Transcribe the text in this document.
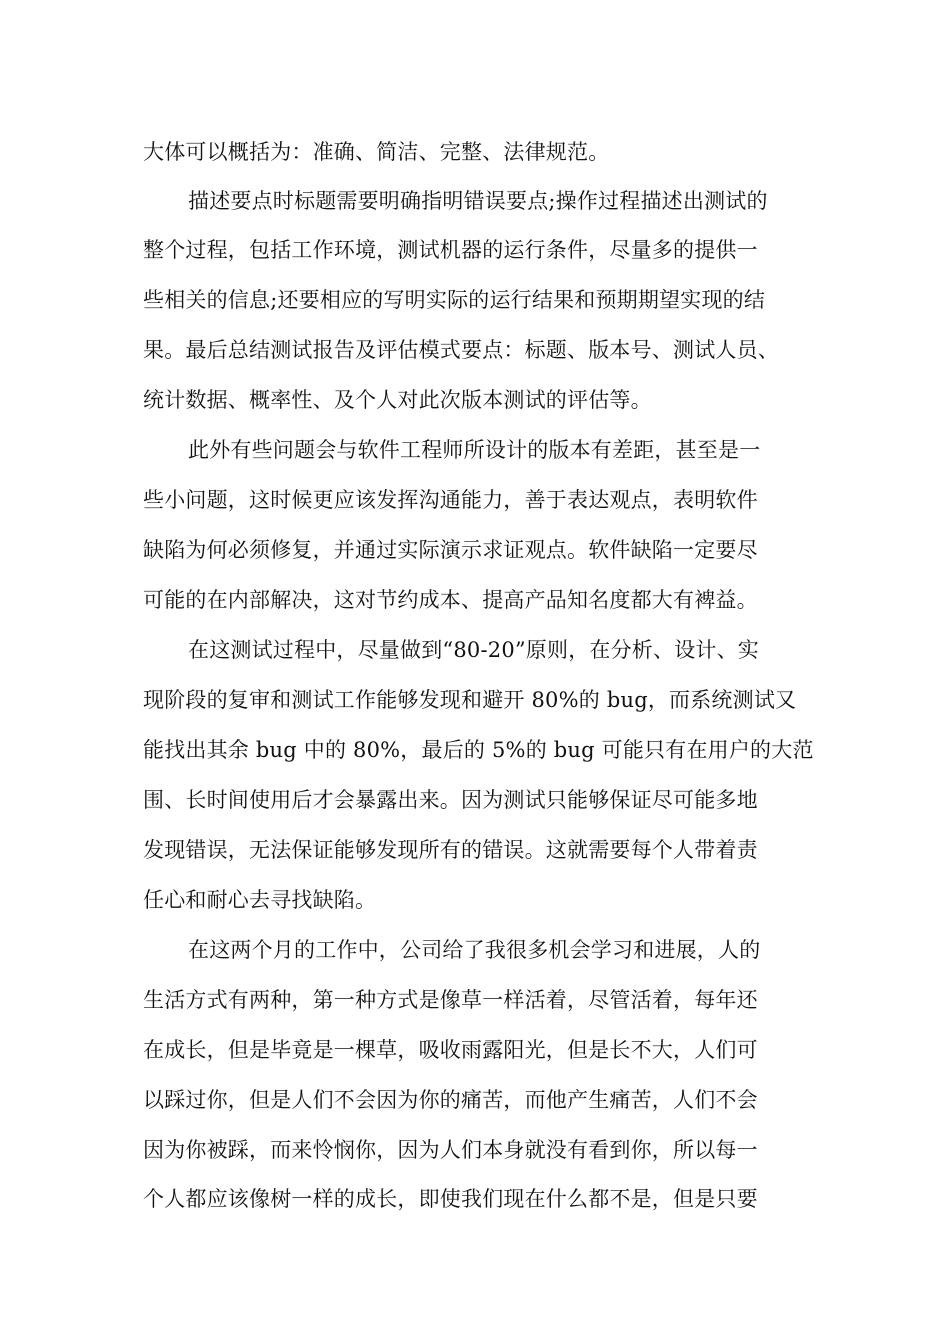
大体可以概括为：准确、简洁、完整、法律规范。
描述要点时标题需要明确指明错误要点;操作过程描述出测试的
整个过程，包括工作环境，测试机器的运行条件，尽量多的提供一
些相关的信息;还要相应的写明实际的运行结果和预期期望实现的结
果。最后总结测试报告及评估模式要点：标题、版本号、测试人员、
统计数据、概率性、及个人对此次版本测试的评估等。
此外有些问题会与软件工程师所设计的版本有差距，甚至是一
些小问题，这时候更应该发挥沟通能力，善于表达观点，表明软件
缺陷为何必须修复，并通过实际演示求证观点。软件缺陷一定要尽
可能的在内部解决，这对节约成本、提高产品知名度都大有裨益。
在这测试过程中，尽量做到“80-20”原则，在分析、设计、实
现阶段的复审和测试工作能够发现和避开 80%的 bug，而系统测试又
能找出其余 bug 中的 80%，最后的 5%的 bug 可能只有在用户的大范
围、长时间使用后才会暴露出来。因为测试只能够保证尽可能多地
发现错误，无法保证能够发现所有的错误。这就需要每个人带着责
任心和耐心去寻找缺陷。
在这两个月的工作中，公司给了我很多机会学习和进展，人的
生活方式有两种，第一种方式是像草一样活着，尽管活着，每年还
在成长，但是毕竟是一棵草，吸收雨露阳光，但是长不大，人们可
以踩过你，但是人们不会因为你的痛苦，而他产生痛苦，人们不会
因为你被踩，而来怜悯你，因为人们本身就没有看到你，所以每一
个人都应该像树一样的成长，即使我们现在什么都不是，但是只要
